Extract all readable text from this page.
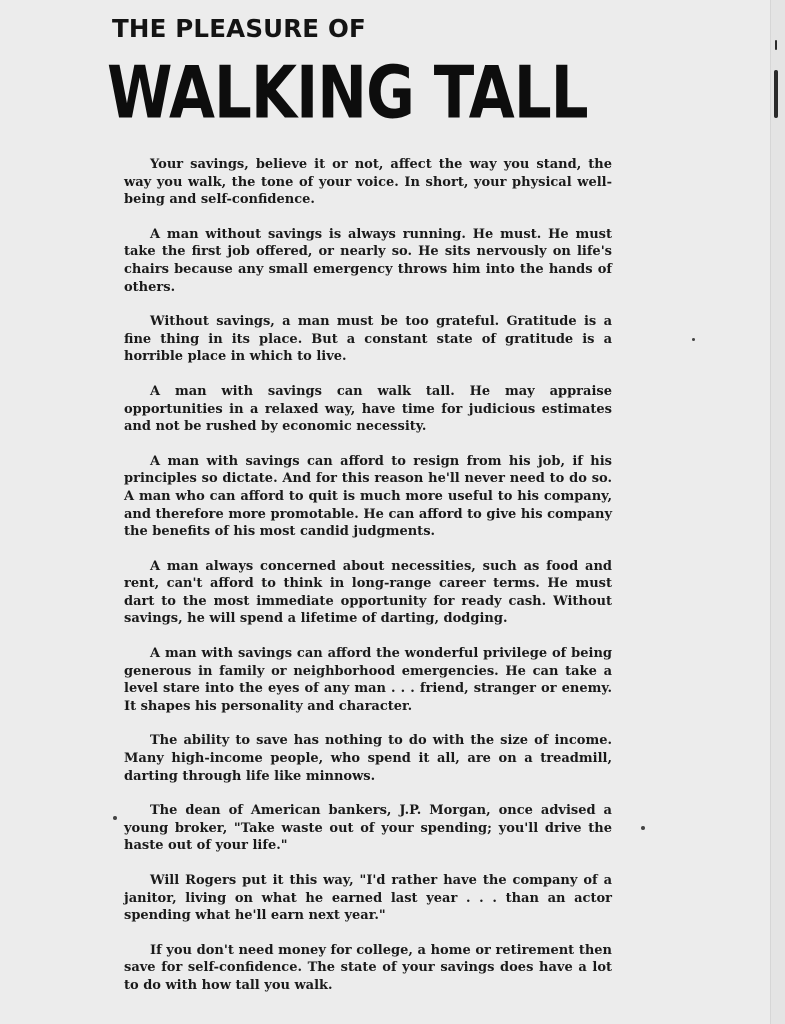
THE PLEASURE OF
WALKING TALL

Your savings, believe it or not, affect the way you stand, the way you walk, the tone of your voice. In short, your physical well-being and self-confidence.

A man without savings is always running. He must. He must take the first job offered, or nearly so. He sits nervously on life's chairs because any small emergency throws him into the hands of others.

Without savings, a man must be too grateful. Gratitude is a fine thing in its place. But a constant state of gratitude is a horrible place in which to live.

A man with savings can walk tall. He may appraise opportunities in a relaxed way, have time for judicious estimates and not be rushed by economic necessity.

A man with savings can afford to resign from his job, if his principles so dictate. And for this reason he'll never need to do so. A man who can afford to quit is much more useful to his company, and therefore more promotable. He can afford to give his company the benefits of his most candid judgments.

A man always concerned about necessities, such as food and rent, can't afford to think in long-range career terms. He must dart to the most immediate opportunity for ready cash. Without savings, he will spend a lifetime of darting, dodging.

A man with savings can afford the wonderful privilege of being generous in family or neighborhood emergencies. He can take a level stare into the eyes of any man . . . friend, stranger or enemy. It shapes his personality and character.

The ability to save has nothing to do with the size of income. Many high-income people, who spend it all, are on a treadmill, darting through life like minnows.

The dean of American bankers, J.P. Morgan, once advised a young broker, "Take waste out of your spending; you'll drive the haste out of your life."

Will Rogers put it this way, "I'd rather have the company of a janitor, living on what he earned last year . . . than an actor spending what he'll earn next year."

If you don't need money for college, a home or retirement then save for self-confidence. The state of your savings does have a lot to do with how tall you walk.
